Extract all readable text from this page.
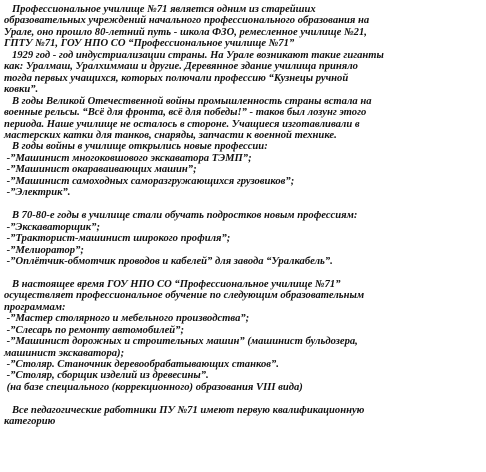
Профессиональное училище №71 является одним из старейших
образовательных учреждений начального профессионального образования на
Урале, оно прошло 80-летний путь - школа ФЗО, ремесленное училище №21,
ГПТУ №71, ГОУ НПО СО “Профессиональное училище №71”
1929 год - год индустриализации страны. На Урале возникают такие гиганты
как: Уралмаш, Уралхиммаш и другие. Деревянное здание училища приняло
тогда первых учащихся, которых полючали профессию “Кузнецы ручной
ковки”.
В годы Великой Отечественной войны промышленность страны встала на
военные рельсы. “Всё для фронта, всё для победы!” - таков был лозунг этого
периода. Наше училище не осталось в стороне. Учащиеся изготавливали в
мастерских катки для танков, снаряды, запчасти к военной технике.
В годы войны в училище открылись новые профессии:
-”Машинист многоковшового экскаватора ТЭМП”;
-”Машинист окараваивающих машин”;
-”Машинист самоходных саморазгружающихся грузовиков”;
-”Электрик”.
В 70-80-е годы в училище стали обучать подростков новым профессиям:
-”Экскаваторщик”;
-”Тракторист-машинист широкого профиля”;
-”Мелиоратор”;
-”Оплётчик-обмотчик проводов и кабелей” для завода “Уралкабель”.
В настоящее время ГОУ НПО СО “Профессиональное училище №71”
осуществляет профессиональное обучение по следующим образовательным
программам:
-”Мастер столярного и мебельного производства”;
-”Слесарь по ремонту автомобилей”;
-”Машинист дорожных и строительных машин” (машинист бульдозера,
машинист экскаватора);
-”Столяр. Станочник деревообрабатывающих станков”.
-”Столяр, сборщик изделий из древесины”.
(на базе специального (коррекционного) образования VIII вида)
Все педагогические работники ПУ №71 имеют первую квалификационную
категорию
